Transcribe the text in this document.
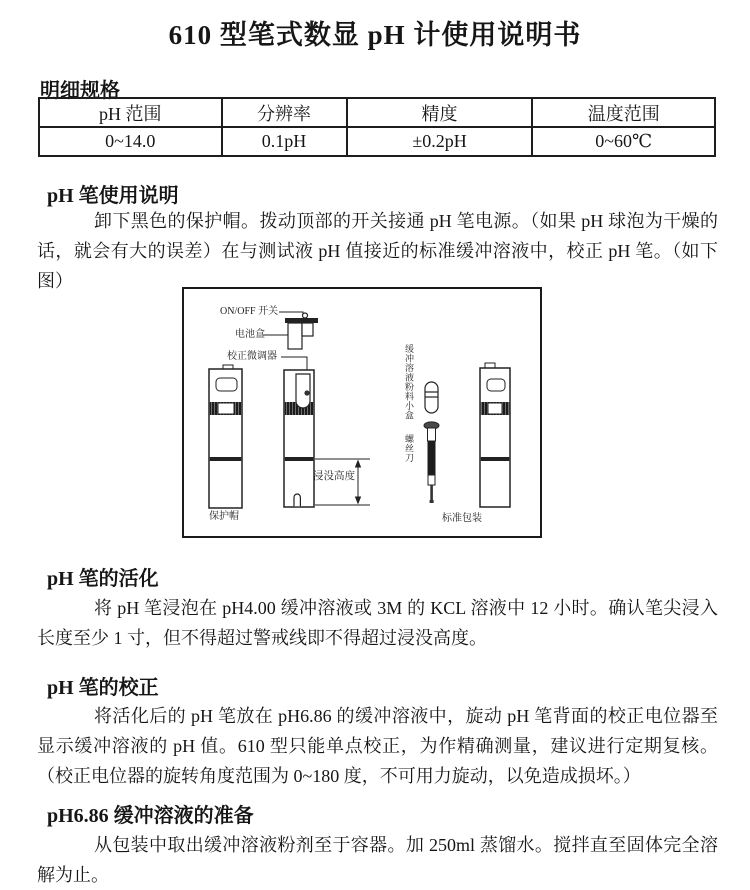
610 型笔式数显 pH 计使用说明书
明细规格
pH 范围	分辨率	精度	温度范围
0~14.0	0.1pH	±0.2pH	0~60℃
pH 笔使用说明
卸下黑色的保护帽。拨动顶部的开关接通 pH 笔电源。（如果 pH 球泡为干燥的话，就会有大的误差）在与测试液 pH 值接近的标准缓冲溶液中，校正 pH 笔。（如下图）
ON/OFF 开关
电池盒
校正微调器	缓冲溶液粉料小盒
螺丝刀
浸没高度
保护帽	标准包装
pH 笔的活化
将 pH 笔浸泡在 pH4.00 缓冲溶液或 3M 的 KCL 溶液中 12 小时。确认笔尖浸入长度至少 1 寸，但不得超过警戒线即不得超过浸没高度。
pH 笔的校正
将活化后的 pH 笔放在 pH6.86 的缓冲溶液中，旋动 pH 笔背面的校正电位器至显示缓冲溶液的 pH 值。610 型只能单点校正，为作精确测量，建议进行定期复核。（校正电位器的旋转角度范围为 0~180 度，不可用力旋动，以免造成损坏。）
pH6.86 缓冲溶液的准备
从包装中取出缓冲溶液粉剂至于容器。加 250ml 蒸馏水。搅拌直至固体完全溶解为止。
